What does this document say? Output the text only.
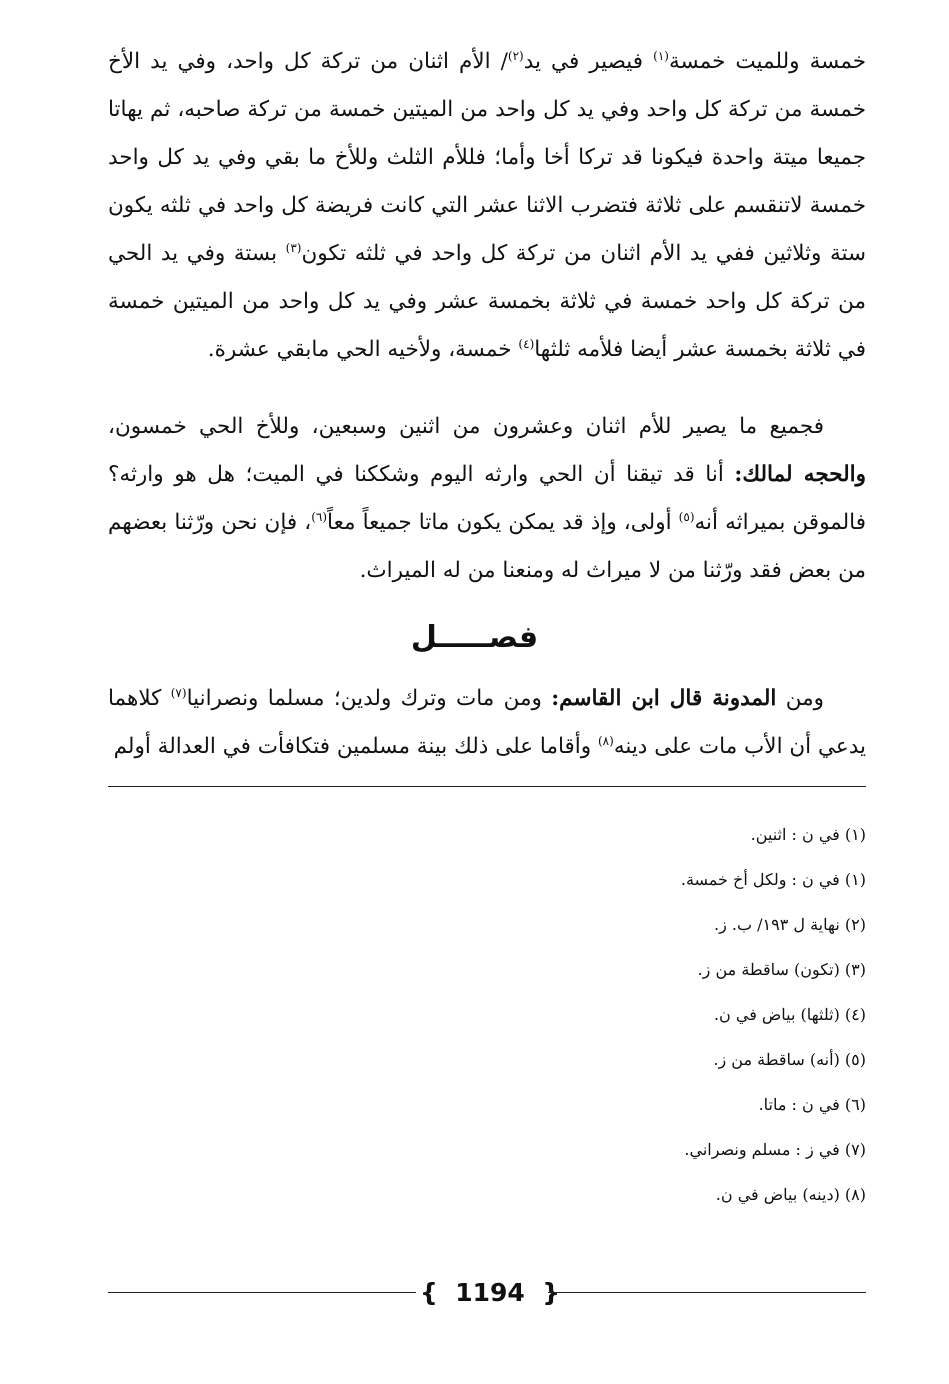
خمسة وللميت خمسة$^{(١)}$ فيصير في يد$^{(٢)}$/ الأم اثنان من تركة كل واحد، وفي يد الأخ خمسة من تركة كل واحد وفي يد كل واحد من الميتين خمسة من تركة صاحبه، ثم يهاتا جميعا ميتة واحدة فيكونا قد تركا أخا وأما؛ فللأم الثلث وللأخ ما بقي وفي يد كل واحد خمسة لاتنقسم على ثلاثة فتضرب الاثنا عشر التي كانت فريضة كل واحد في ثلثه يكون ستة وثلاثين ففي يد الأم اثنان من تركة كل واحد في ثلثه تكون$^{(٣)}$ بستة وفي يد الحي من تركة كل واحد خمسة في ثلاثة بخمسة عشر وفي يد كل واحد من الميتين خمسة في ثلاثة بخمسة عشر أيضا فلأمه ثلثها$^{(٤)}$ خمسة، ولأخيه الحي مابقي عشرة.
فجميع ما يصير للأم اثنان وعشرون من اثنين وسبعين، وللأخ الحي خمسون، والحجه لمالك: أنا قد تيقنا أن الحي وارثه اليوم وشككنا في الميت؛ هل هو وارثه؟ فالموقن بميراثه أنه$^{(٥)}$ أولى، وإذ قد يمكن يكون ماتا جميعاً معاً$^{(٦)}$، فإن نحن ورّثنا بعضهم من بعض فقد ورّثنا من لا ميراث له ومنعنا من له الميراث.
فصـــــل
ومن المدونة قال ابن القاسم: ومن مات وترك ولدين؛ مسلما ونصرانيا$^{(٧)}$ كلاهما يدعي أن الأب مات على دينه$^{(٨)}$ وأقاما على ذلك بينة مسلمين فتكافأت في العدالة أولم
(١) في ن : اثنين.
(١) في ن : ولكل أخ خمسة.
(٢) نهاية ل ١٩٣/ ب. ز.
(٣) (تكون) ساقطة من ز.
(٤) (ثلثها) بياض في ن.
(٥) (أنه) ساقطة من ز.
(٦) في ن : ماتا.
(٧) في ز : مسلم ونصراني.
(٨) (دينه) بياض في ن.
{ 1194 }
